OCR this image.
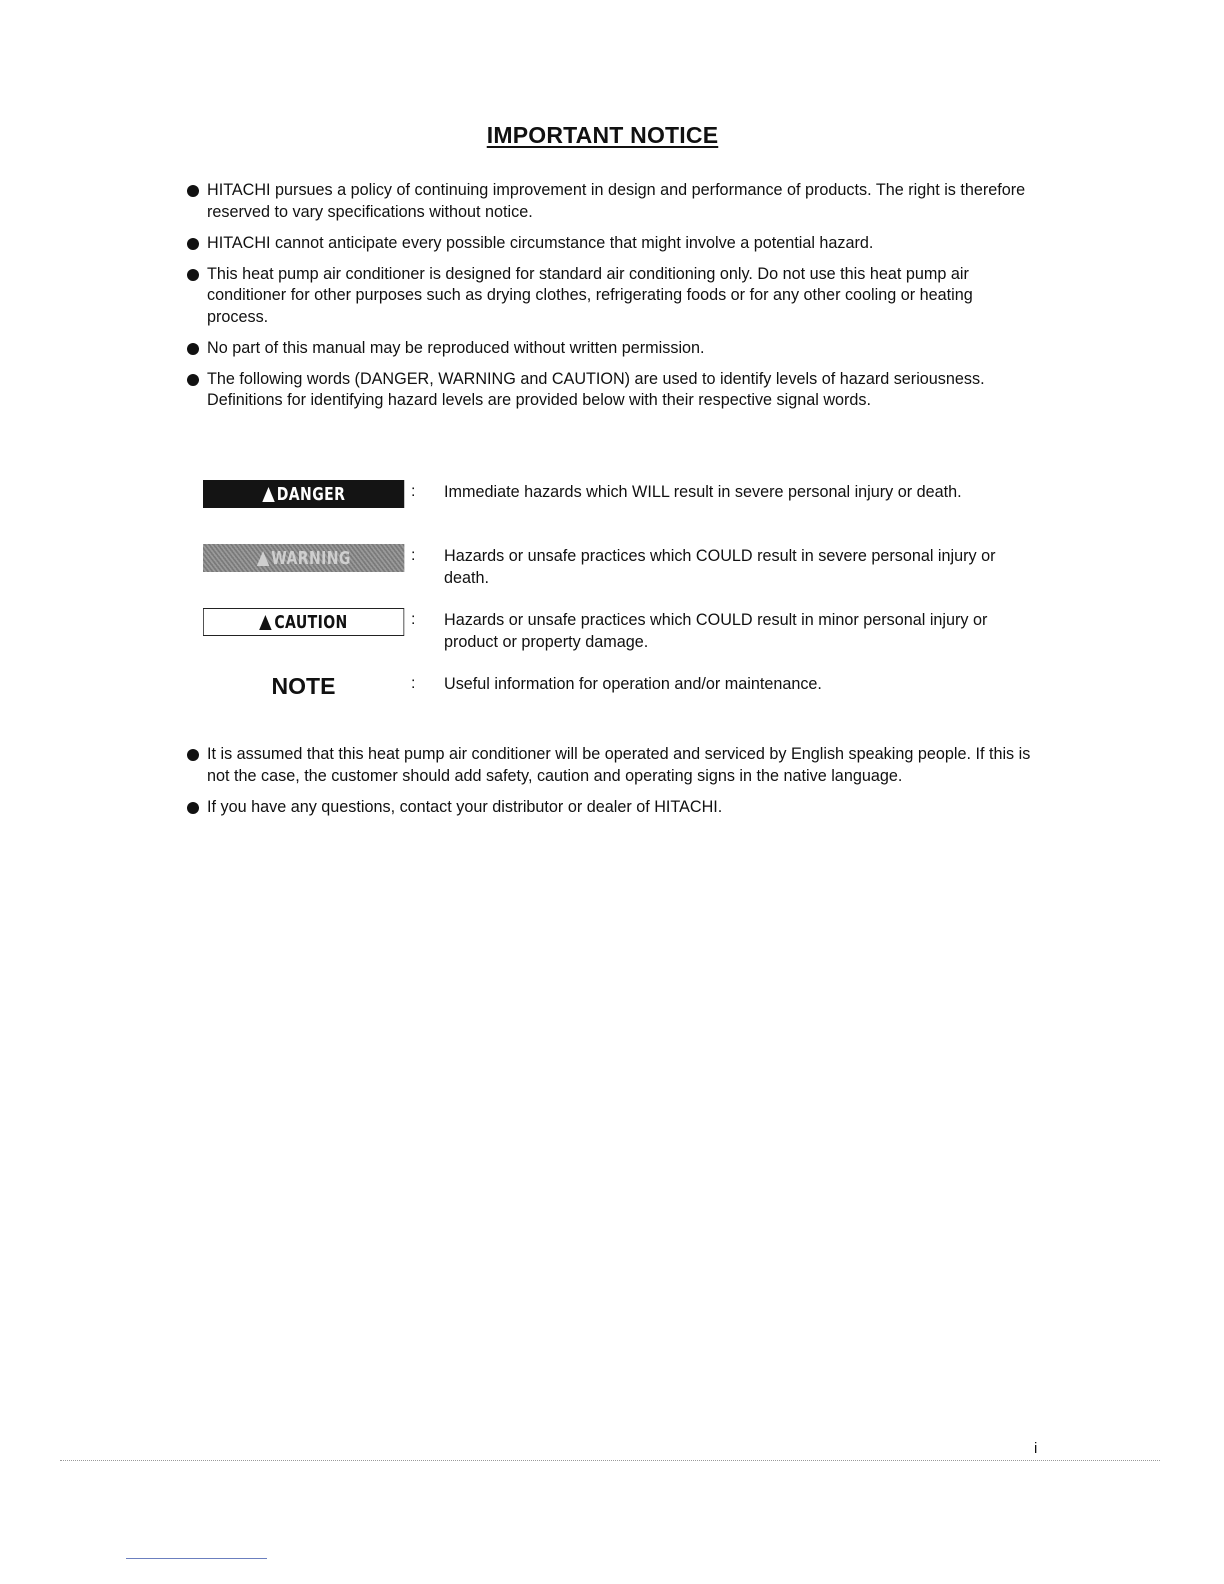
IMPORTANT NOTICE
HITACHI pursues a policy of continuing improvement in design and performance of products. The right is therefore reserved to vary specifications without notice.
HITACHI cannot anticipate every possible circumstance that might involve a potential hazard.
This heat pump air conditioner is designed for standard air conditioning only. Do not use this heat pump air conditioner for other purposes such as drying clothes, refrigerating foods or for any other cooling or heating process.
No part of this manual may be reproduced without written permission.
The following words (DANGER, WARNING and CAUTION) are used to identify levels of hazard seriousness. Definitions for identifying hazard levels are provided below with their respective signal words.
DANGER	: Immediate hazards which WILL result in severe personal injury or death.
WARNING	: Hazards or unsafe practices which COULD result in severe personal injury or death.
CAUTION	: Hazards or unsafe practices which COULD result in minor personal injury or product or property damage.
NOTE	: Useful information for operation and/or maintenance.
It is assumed that this heat pump air conditioner will be operated and serviced by English speaking people. If this is not the case, the customer should add safety, caution and operating signs in the native language.
If you have any questions, contact your distributor or dealer of HITACHI.
i
